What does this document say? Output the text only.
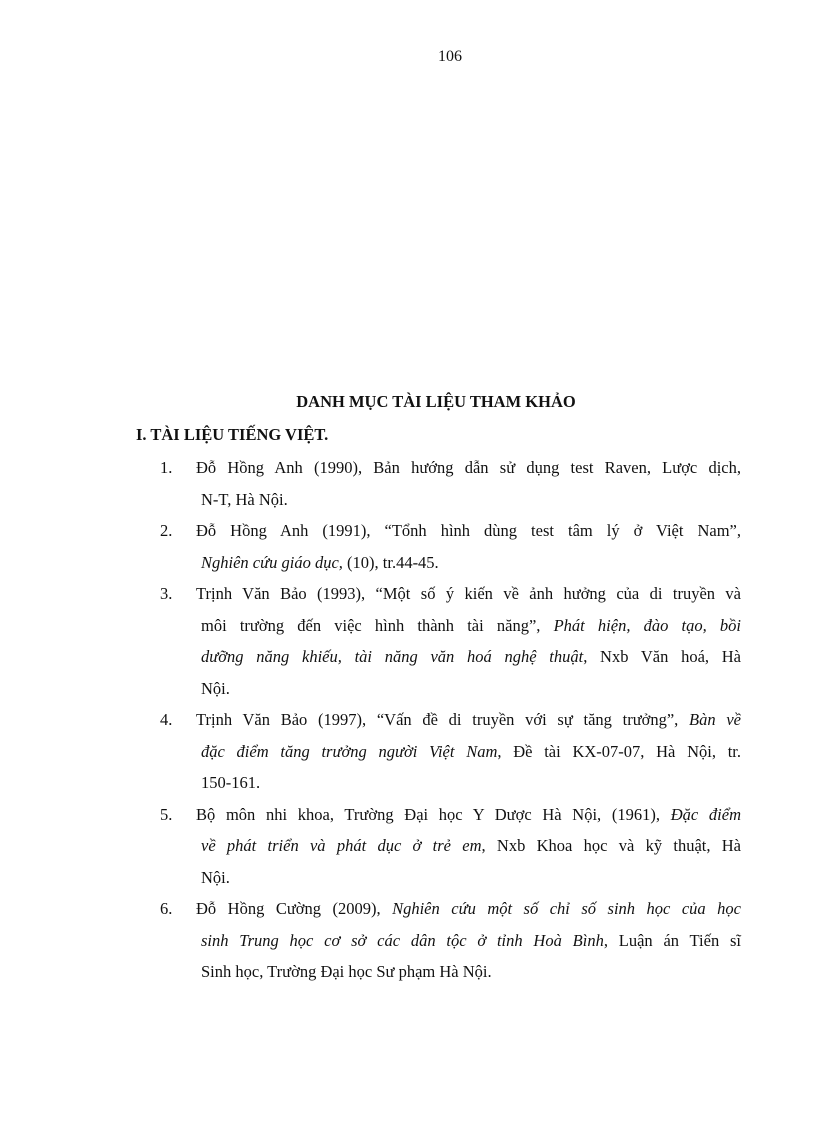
106
DANH MỤC TÀI LIỆU THAM KHẢO
I. TÀI LIỆU TIẾNG VIỆT.
1. Đỗ Hồng Anh (1990), Bản hướng dẫn sử dụng test Raven, Lược dịch,
N-T, Hà Nội.
2. Đỗ Hồng Anh (1991), “Tổnh hình dùng test tâm lý ở Việt Nam”,
Nghiên cứu giáo dục, (10), tr.44-45.
3. Trịnh Văn Bảo (1993), “Một số ý kiến về ảnh hưởng của di truyền và
môi trường đến việc hình thành tài năng”, Phát hiện, đào tạo, bồi
dưỡng năng khiếu, tài năng văn hoá nghệ thuật, Nxb Văn hoá, Hà
Nội.
4. Trịnh Văn Bảo (1997), “Vấn đề di truyền với sự tăng trưởng”, Bàn về
đặc điểm tăng trưởng người Việt Nam, Đề tài KX-07-07, Hà Nội, tr.
150-161.
5. Bộ môn nhi khoa, Trường Đại học Y Dược Hà Nội, (1961), Đặc điểm
về phát triển và phát dục ở trẻ em, Nxb Khoa học và kỹ thuật, Hà
Nội.
6. Đỗ Hồng Cường (2009), Nghiên cứu một số chỉ số sinh học của học
sinh Trung học cơ sở các dân tộc ở tỉnh Hoà Bình, Luận án Tiến sĩ
Sinh học, Trường Đại học Sư phạm Hà Nội.
